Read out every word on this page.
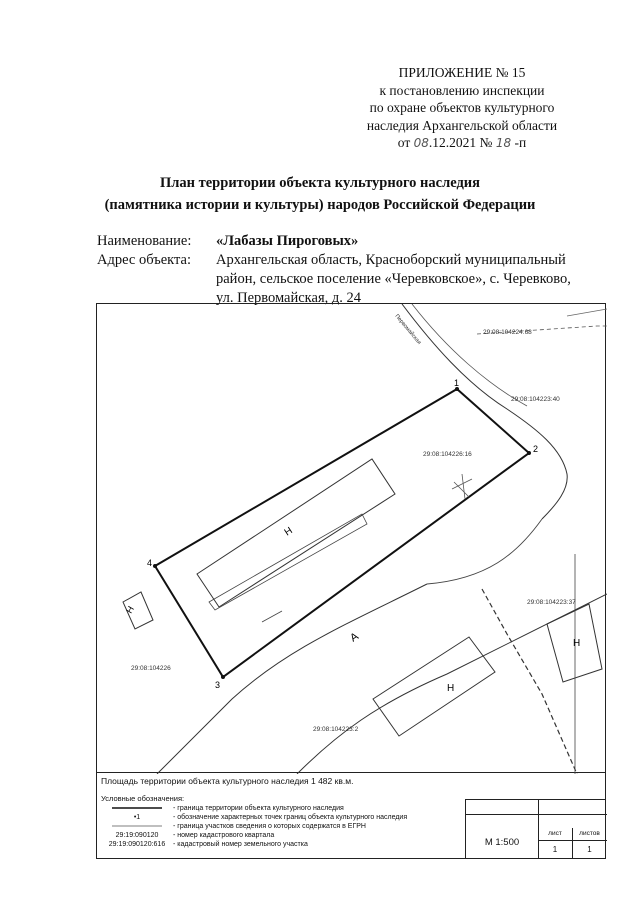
ПРИЛОЖЕНИЕ № 15
к постановлению инспекции
по охране объектов культурного
наследия Архангельской области
от 08.12.2021 № 18 -п
План территории объекта культурного наследия
(памятника истории и культуры) народов Российской Федерации
Наименование: «Лабазы Пироговых»
Адрес объекта: Архангельская область, Красноборский муниципальный
район, сельское поселение «Черевковское», с. Черевково,
ул. Первомайская, д. 24
1
2
3
4
29:08:104224:68
29:08:104223:40
29:08:104226:16
29:08:104223:37
29:08:104226
29:08:104223:2
Первомайская
Н
Н
Н
Н
А
Площадь территории объекта культурного наследия 1 482 кв.м.
Условные обозначения:
- граница территории объекта культурного наследия
•1	- обозначение характерных точек границ объекта культурного наследия
- граница участков сведения о которых содержатся в ЕГРН
29:19:090120 - номер кадастрового квартала
29:19:090120:616 - кадастровый номер земельного участка	М 1:500
лист
1
листов
1
